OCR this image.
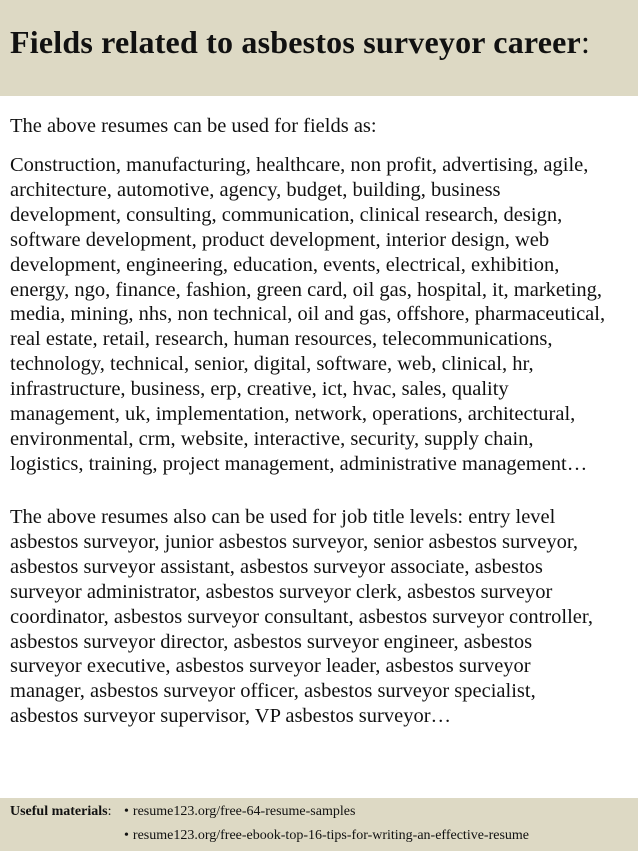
Fields related to asbestos surveyor career:
The above resumes can be used for fields as:
Construction, manufacturing, healthcare, non profit, advertising, agile,
architecture, automotive, agency, budget, building, business
development, consulting, communication, clinical research, design,
software development, product development, interior design, web
development, engineering, education, events, electrical, exhibition,
energy, ngo, finance, fashion, green card, oil gas, hospital, it, marketing,
media, mining, nhs, non technical, oil and gas, offshore, pharmaceutical,
real estate, retail, research, human resources, telecommunications,
technology, technical, senior, digital, software, web, clinical, hr,
infrastructure, business, erp, creative, ict, hvac, sales, quality
management, uk, implementation, network, operations, architectural,
environmental, crm, website, interactive, security, supply chain,
logistics, training, project management, administrative management…
The above resumes also can be used for job title levels: entry level
asbestos surveyor, junior asbestos surveyor, senior asbestos surveyor,
asbestos surveyor assistant, asbestos surveyor associate, asbestos
surveyor administrator, asbestos surveyor clerk, asbestos surveyor
coordinator, asbestos surveyor consultant, asbestos surveyor controller,
asbestos surveyor director, asbestos surveyor engineer, asbestos
surveyor executive, asbestos surveyor leader, asbestos surveyor
manager, asbestos surveyor officer, asbestos surveyor specialist,
asbestos surveyor supervisor, VP asbestos surveyor…
Useful materials: • resume123.org/free-64-resume-samples
• resume123.org/free-ebook-top-16-tips-for-writing-an-effective-resume
